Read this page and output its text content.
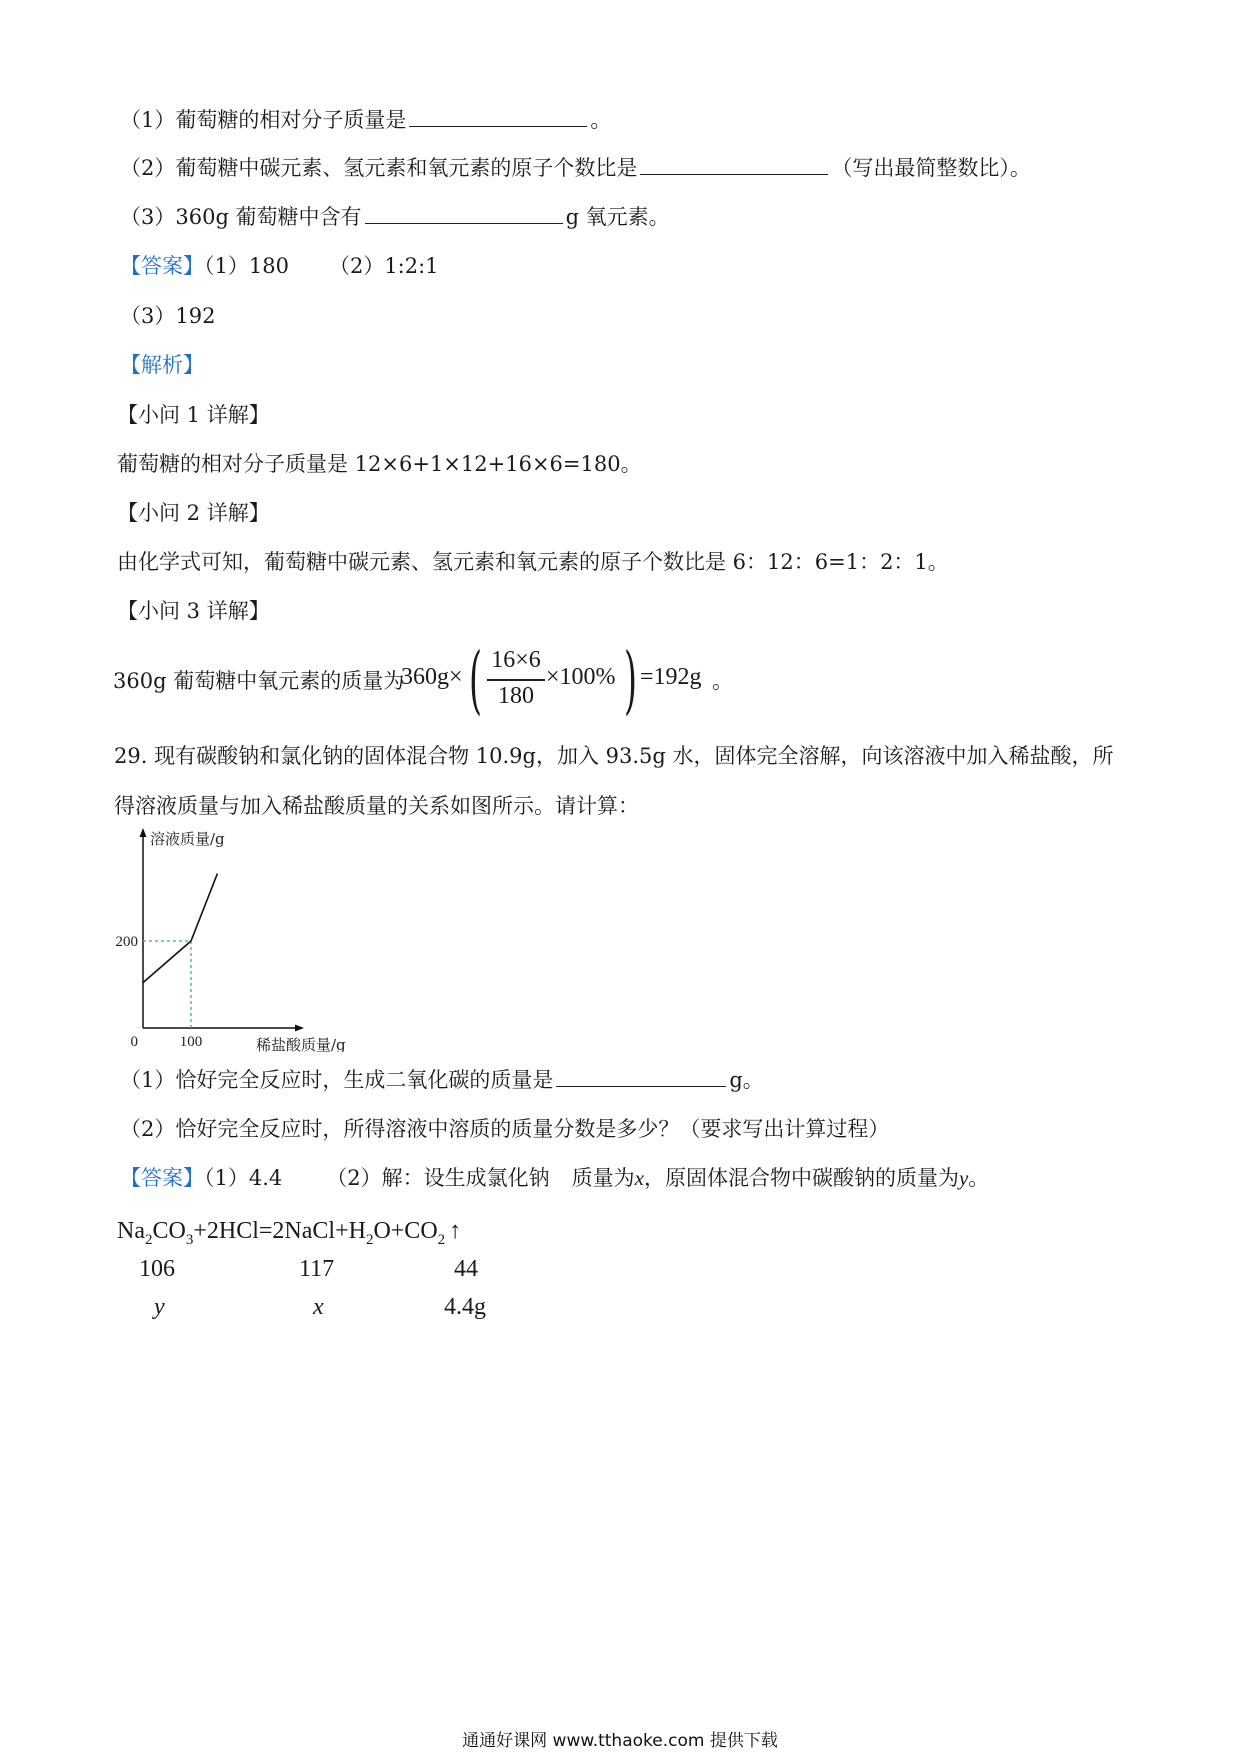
（1）葡萄糖的相对分子质量是	。
（2）葡萄糖中碳元素、氢元素和氧元素的原子个数比是	（写出最简整数比）。
（3）360g 葡萄糖中含有	g 氧元素。
【答案】（1）180 （2）1:2:1
（3）192
【解析】
【小问 1 详解】
葡萄糖的相对分子质量是 12×6+1×12+16×6=180。
【小问 2 详解】
由化学式可知，葡萄糖中碳元素、氢元素和氧元素的原子个数比是 6：12：6=1：2：1。
【小问 3 详解】
360g 葡萄糖中氧元素的质量为
360g× ( 16×6
180
×100% ) =192g 。
29. 现有碳酸钠和氯化钠的固体混合物 10.9g，加入 93.5g 水，固体完全溶解，向该溶液中加入稀盐酸，所
得溶液质量与加入稀盐酸质量的关系如图所示。请计算：
溶液质量/g
稀盐酸质量/g
0
200
100
（1）恰好完全反应时，生成二氧化碳的质量是	g。
（2）恰好完全反应时，所得溶液中溶质的质量分数是多少？（要求写出计算过程）
【答案】（1）4.4 （2）解：设生成氯化钠 质量为x，原固体混合物中碳酸钠的质量为y。
$Na_2CO_3+2HCl=2NaCl+H_2O+CO_2$ ↑
106	117	44
y	x	4.4g
通通好课网 www.tthaoke.com 提供下载
